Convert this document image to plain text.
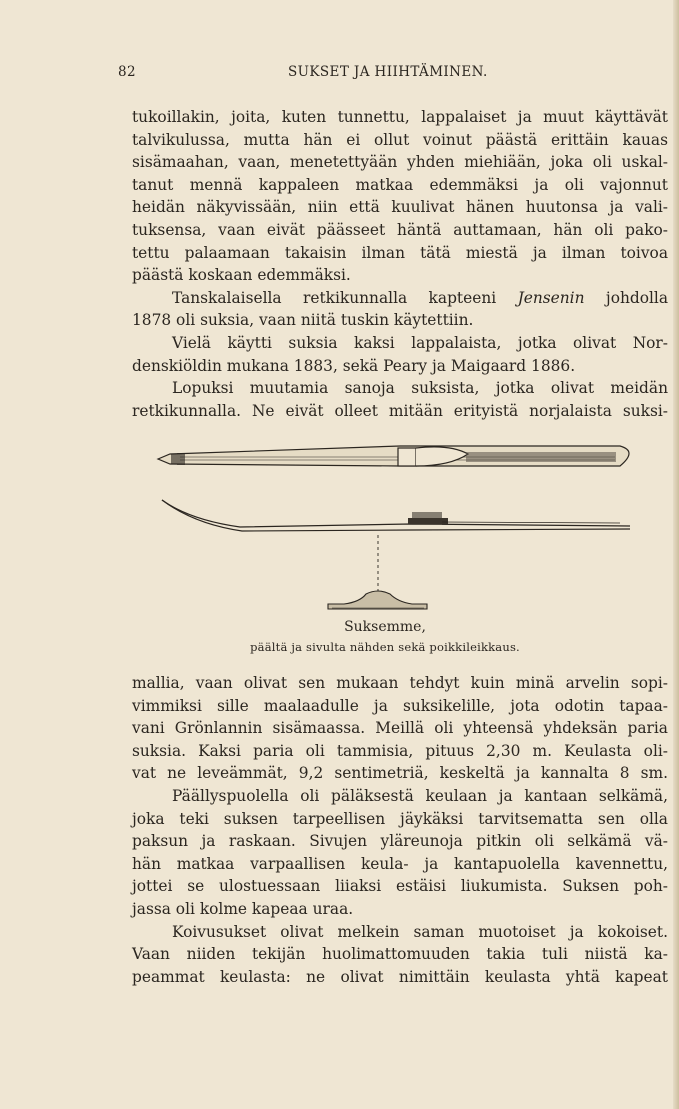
82	SUKSET JA HIIHTÄMINEN.

tukoillakin, joita, kuten tunnettu, lappalaiset ja muut käyttävät
talvikulussa, mutta hän ei ollut voinut päästä erittäin kauas
sisämaahan, vaan, menetettyään yhden miehiään, joka oli uskal-
tanut mennä kappaleen matkaa edemmäksi ja oli vajonnut
heidän näkyvissään, niin että kuulivat hänen huutonsa ja vali-
tuksensa, vaan eivät päässeet häntä auttamaan, hän oli pako-
tettu palaamaan takaisin ilman tätä miestä ja ilman toivoa
päästä koskaan edemmäksi.

Tanskalaisella retkikunnalla kapteeni Jensenin johdolla
1878 oli suksia, vaan niitä tuskin käytettiin.

Vielä käytti suksia kaksi lappalaista, jotka olivat Nor-
denskiöldin mukana 1883, sekä Peary ja Maigaard 1886.

Lopuksi muutamia sanoja suksista, jotka olivat meidän
retkikunnalla. Ne eivät olleet mitään erityistä norjalaista suksi-

Suksemme,
päältä ja sivulta nähden sekä poikkileikkaus.

mallia, vaan olivat sen mukaan tehdyt kuin minä arvelin sopi-
vimmiksi sille maalaadulle ja suksikelille, jota odotin tapaa-
vani Grönlannin sisämaassa. Meillä oli yhteensä yhdeksän paria
suksia. Kaksi paria oli tammisia, pituus 2,30 m. Keulasta oli-
vat ne leveämmät, 9,2 sentimetriä, keskeltä ja kannalta 8 sm.

Päällyspuolella oli päläksestä keulaan ja kantaan selkämä,
joka teki suksen tarpeellisen jäykäksi tarvitsematta sen olla
paksun ja raskaan. Sivujen yläreunoja pitkin oli selkämä vä-
hän matkaa varpaallisen keula- ja kantapuolella kavennettu,
jottei se ulostuessaan liiaksi estäisi liukumista. Suksen poh-
jassa oli kolme kapeaa uraa.

Koivusukset olivat melkein saman muotoiset ja kokoiset.
Vaan niiden tekijän huolimattomuuden takia tuli niistä ka-
peammat keulasta: ne olivat nimittäin keulasta yhtä kapeat
